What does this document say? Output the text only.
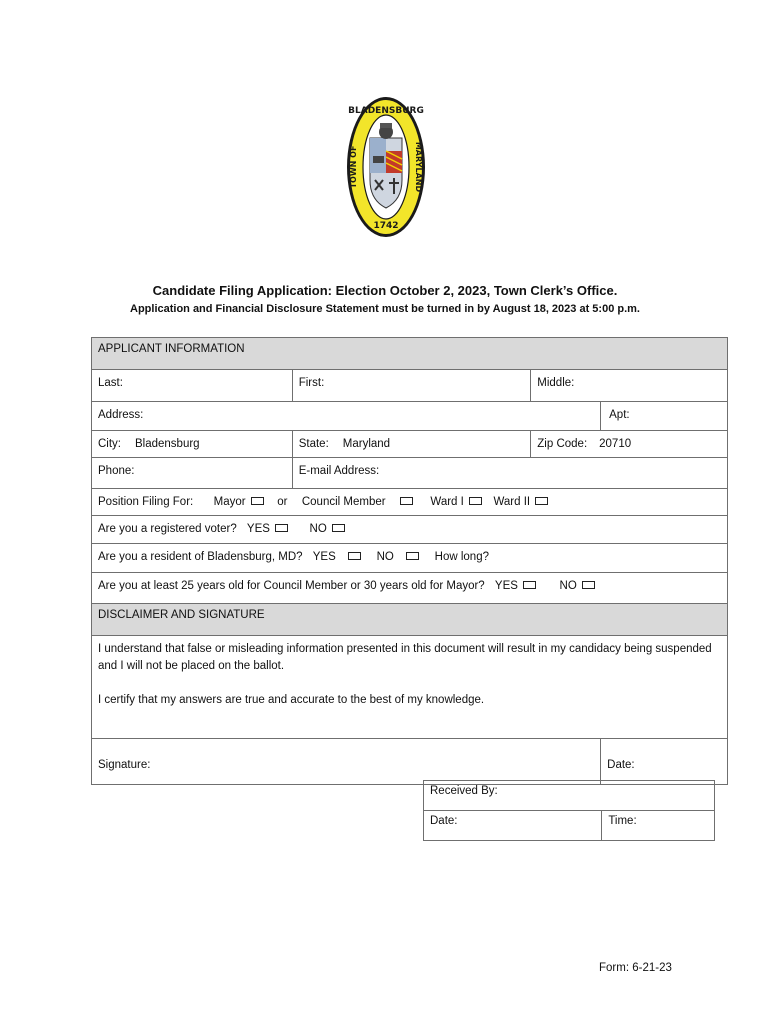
BLADENSBURG
TOWN OF	MARYLAND
1742
Candidate Filing Application: Election October 2, 2023, Town Clerk’s Office.
Application and Financial Disclosure Statement must be turned in by August 18, 2023 at 5:00 p.m.
APPLICANT INFORMATION			
Last:	First:	Middle:	
Address:			Apt:
City: Bladensburg	State: Maryland	Zip Code: 20710	
Phone:	E-mail Address:		
Position Filing For: Mayor or Council Member Ward I Ward II			
Are you a registered voter? YES NO			
Are you a resident of Bladensburg, MD? YES NO How long?			
Are you at least 25 years old for Council Member or 30 years old for Mayor? YES NO			
DISCLAIMER AND SIGNATURE			

I understand that false or misleading information presented in this document will result in my candidacy being suspended and I will not be placed on the ballot.

I certify that my answers are true and accurate to the best of my knowledge.			

Signature:			Date:
Received By:
Date:	Time:
Form: 6-21-23
